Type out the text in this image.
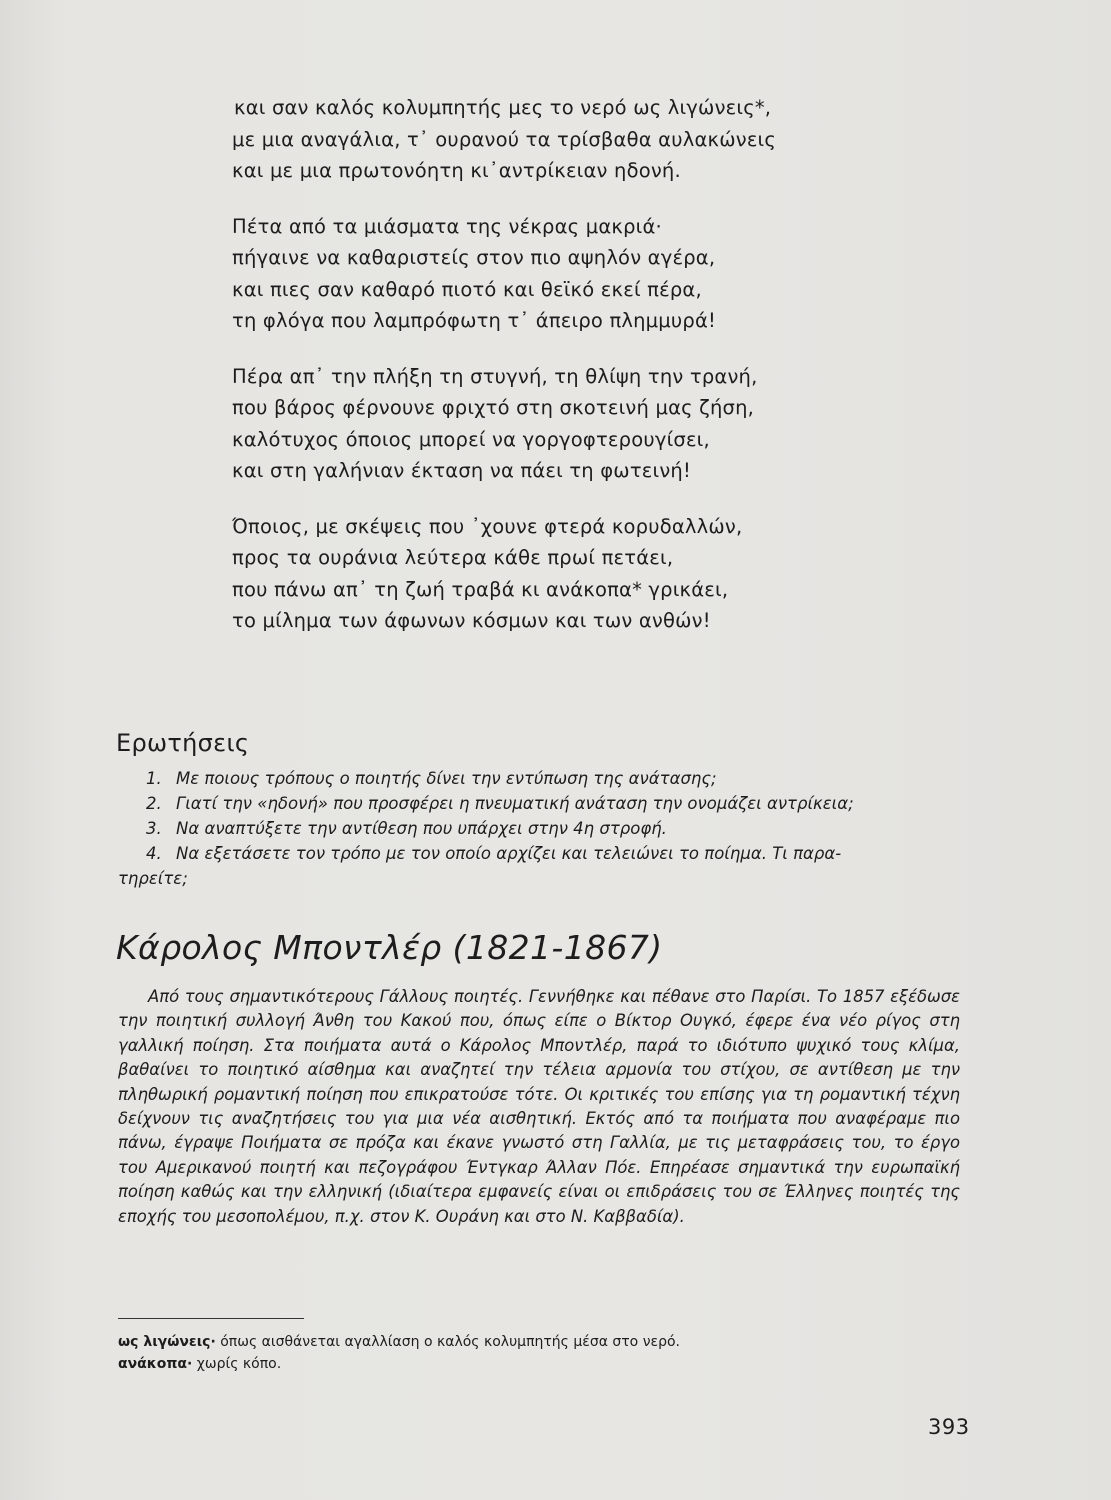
και σαν καλός κολυμπητής μες το νερό ως λιγώνεις*,
με μια αναγάλια, τ᾿ ουρανού τα τρίσβαθα αυλακώνεις
και με μια πρωτονόητη κι᾿αντρίκειαν ηδονή.
Πέτα από τα μιάσματα της νέκρας μακριά·
πήγαινε να καθαριστείς στον πιο αψηλόν αγέρα,
και πιες σαν καθαρό πιοτό και θεϊκό εκεί πέρα,
τη φλόγα που λαμπρόφωτη τ᾿ άπειρο πλημμυρά!
Πέρα απ᾿ την πλήξη τη στυγνή, τη θλίψη την τρανή,
που βάρος φέρνουνε φριχτό στη σκοτεινή μας ζήση,
καλότυχος όποιος μπορεί να γοργοφτερουγίσει,
και στη γαλήνιαν έκταση να πάει τη φωτεινή!
Όποιος, με σκέψεις που ᾿χουνε φτερά κορυδαλλών,
προς τα ουράνια λεύτερα κάθε πρωί πετάει,
που πάνω απ᾿ τη ζωή τραβά κι ανάκοπα* γρικάει,
το μίλημα των άφωνων κόσμων και των ανθών!
Ερωτήσεις
1. Με ποιους τρόπους ο ποιητής δίνει την εντύπωση της ανάτασης;
2. Γιατί την «ηδονή» που προσφέρει η πνευματική ανάταση την ονομάζει αντρίκεια;
3. Να αναπτύξετε την αντίθεση που υπάρχει στην 4η στροφή.
4. Να εξετάσετε τον τρόπο με τον οποίο αρχίζει και τελειώνει το ποίημα. Τι παρα-
τηρείτε;
Κάρολος Μποντλέρ (1821-1867)

Από τους σημαντικότερους Γάλλους ποιητές. Γεννήθηκε και πέθανε στο Παρίσι. Το 1857 εξέδωσε την ποιητική συλλογή Άνθη του Κακού που, όπως είπε ο Βίκτορ Ουγκό, έφερε ένα νέο ρίγος στη γαλλική ποίηση. Στα ποιήματα αυτά ο Κάρολος Μποντλέρ, παρά το ιδιότυπο ψυχικό τους κλίμα, βαθαίνει το ποιητικό αίσθημα και αναζητεί την τέλεια αρμονία του στίχου, σε αντίθεση με την πληθωρική ρομαντική ποίηση που επικρατούσε τότε. Οι κριτικές του επίσης για τη ρομαντική τέχνη δείχνουν τις αναζητήσεις του για μια νέα αισθητική. Εκτός από τα ποιήματα που αναφέραμε πιο πάνω, έγραψε Ποιήματα σε πρόζα και έκανε γνωστό στη Γαλλία, με τις μεταφράσεις του, το έργο του Αμερικανού ποιητή και πεζογράφου Έντγκαρ Άλλαν Πόε. Επηρέασε σημαντικά την ευρωπαϊκή ποίηση καθώς και την ελληνική (ιδιαίτερα εμφανείς είναι οι επιδράσεις του σε Έλληνες ποιητές της εποχής του μεσοπολέμου, π.χ. στον Κ. Ουράνη και στο Ν. Καββαδία).

ως λιγώνεις· όπως αισθάνεται αγαλλίαση ο καλός κολυμπητής μέσα στο νερό.
ανάκοπα· χωρίς κόπο.
393
